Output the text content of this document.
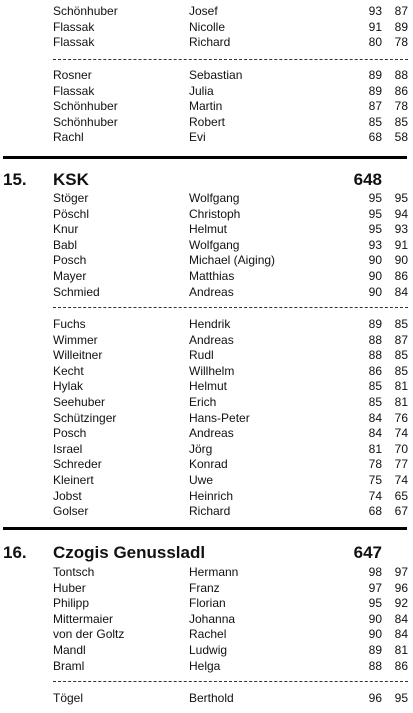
Schönhuber	Josef	93 87
Flassak	Nicolle	91 89
Flassak	Richard	80 78
Rosner	Sebastian	89 88
Flassak	Julia	89 86
Schönhuber	Martin	87 78
Schönhuber	Robert	85 85
Rachl	Evi	68 58
15. KSK	648
Stöger	Wolfgang	95 95
Pöschl	Christoph	95 94
Knur	Helmut	95 93
Babl	Wolfgang	93 91
Posch	Michael (Aiging)	90 90
Mayer	Matthias	90 86
Schmied	Andreas	90 84
Fuchs	Hendrik	89 85
Wimmer	Andreas	88 87
Willeitner	Rudl	88 85
Kecht	Willhelm	86 85
Hylak	Helmut	85 81
Seehuber	Erich	85 81
Schützinger	Hans-Peter	84 76
Posch	Andreas	84 74
Israel	Jörg	81 70
Schreder	Konrad	78 77
Kleinert	Uwe	75 74
Jobst	Heinrich	74 65
Golser	Richard	68 67
16. Czogis Genussladl	647
Tontsch	Hermann	98 97
Huber	Franz	97 96
Philipp	Florian	95 92
Mittermaier	Johanna	90 84
von der Goltz	Rachel	90 84
Mandl	Ludwig	89 81
Braml	Helga	88 86
Tögel	Berthold	96 95
